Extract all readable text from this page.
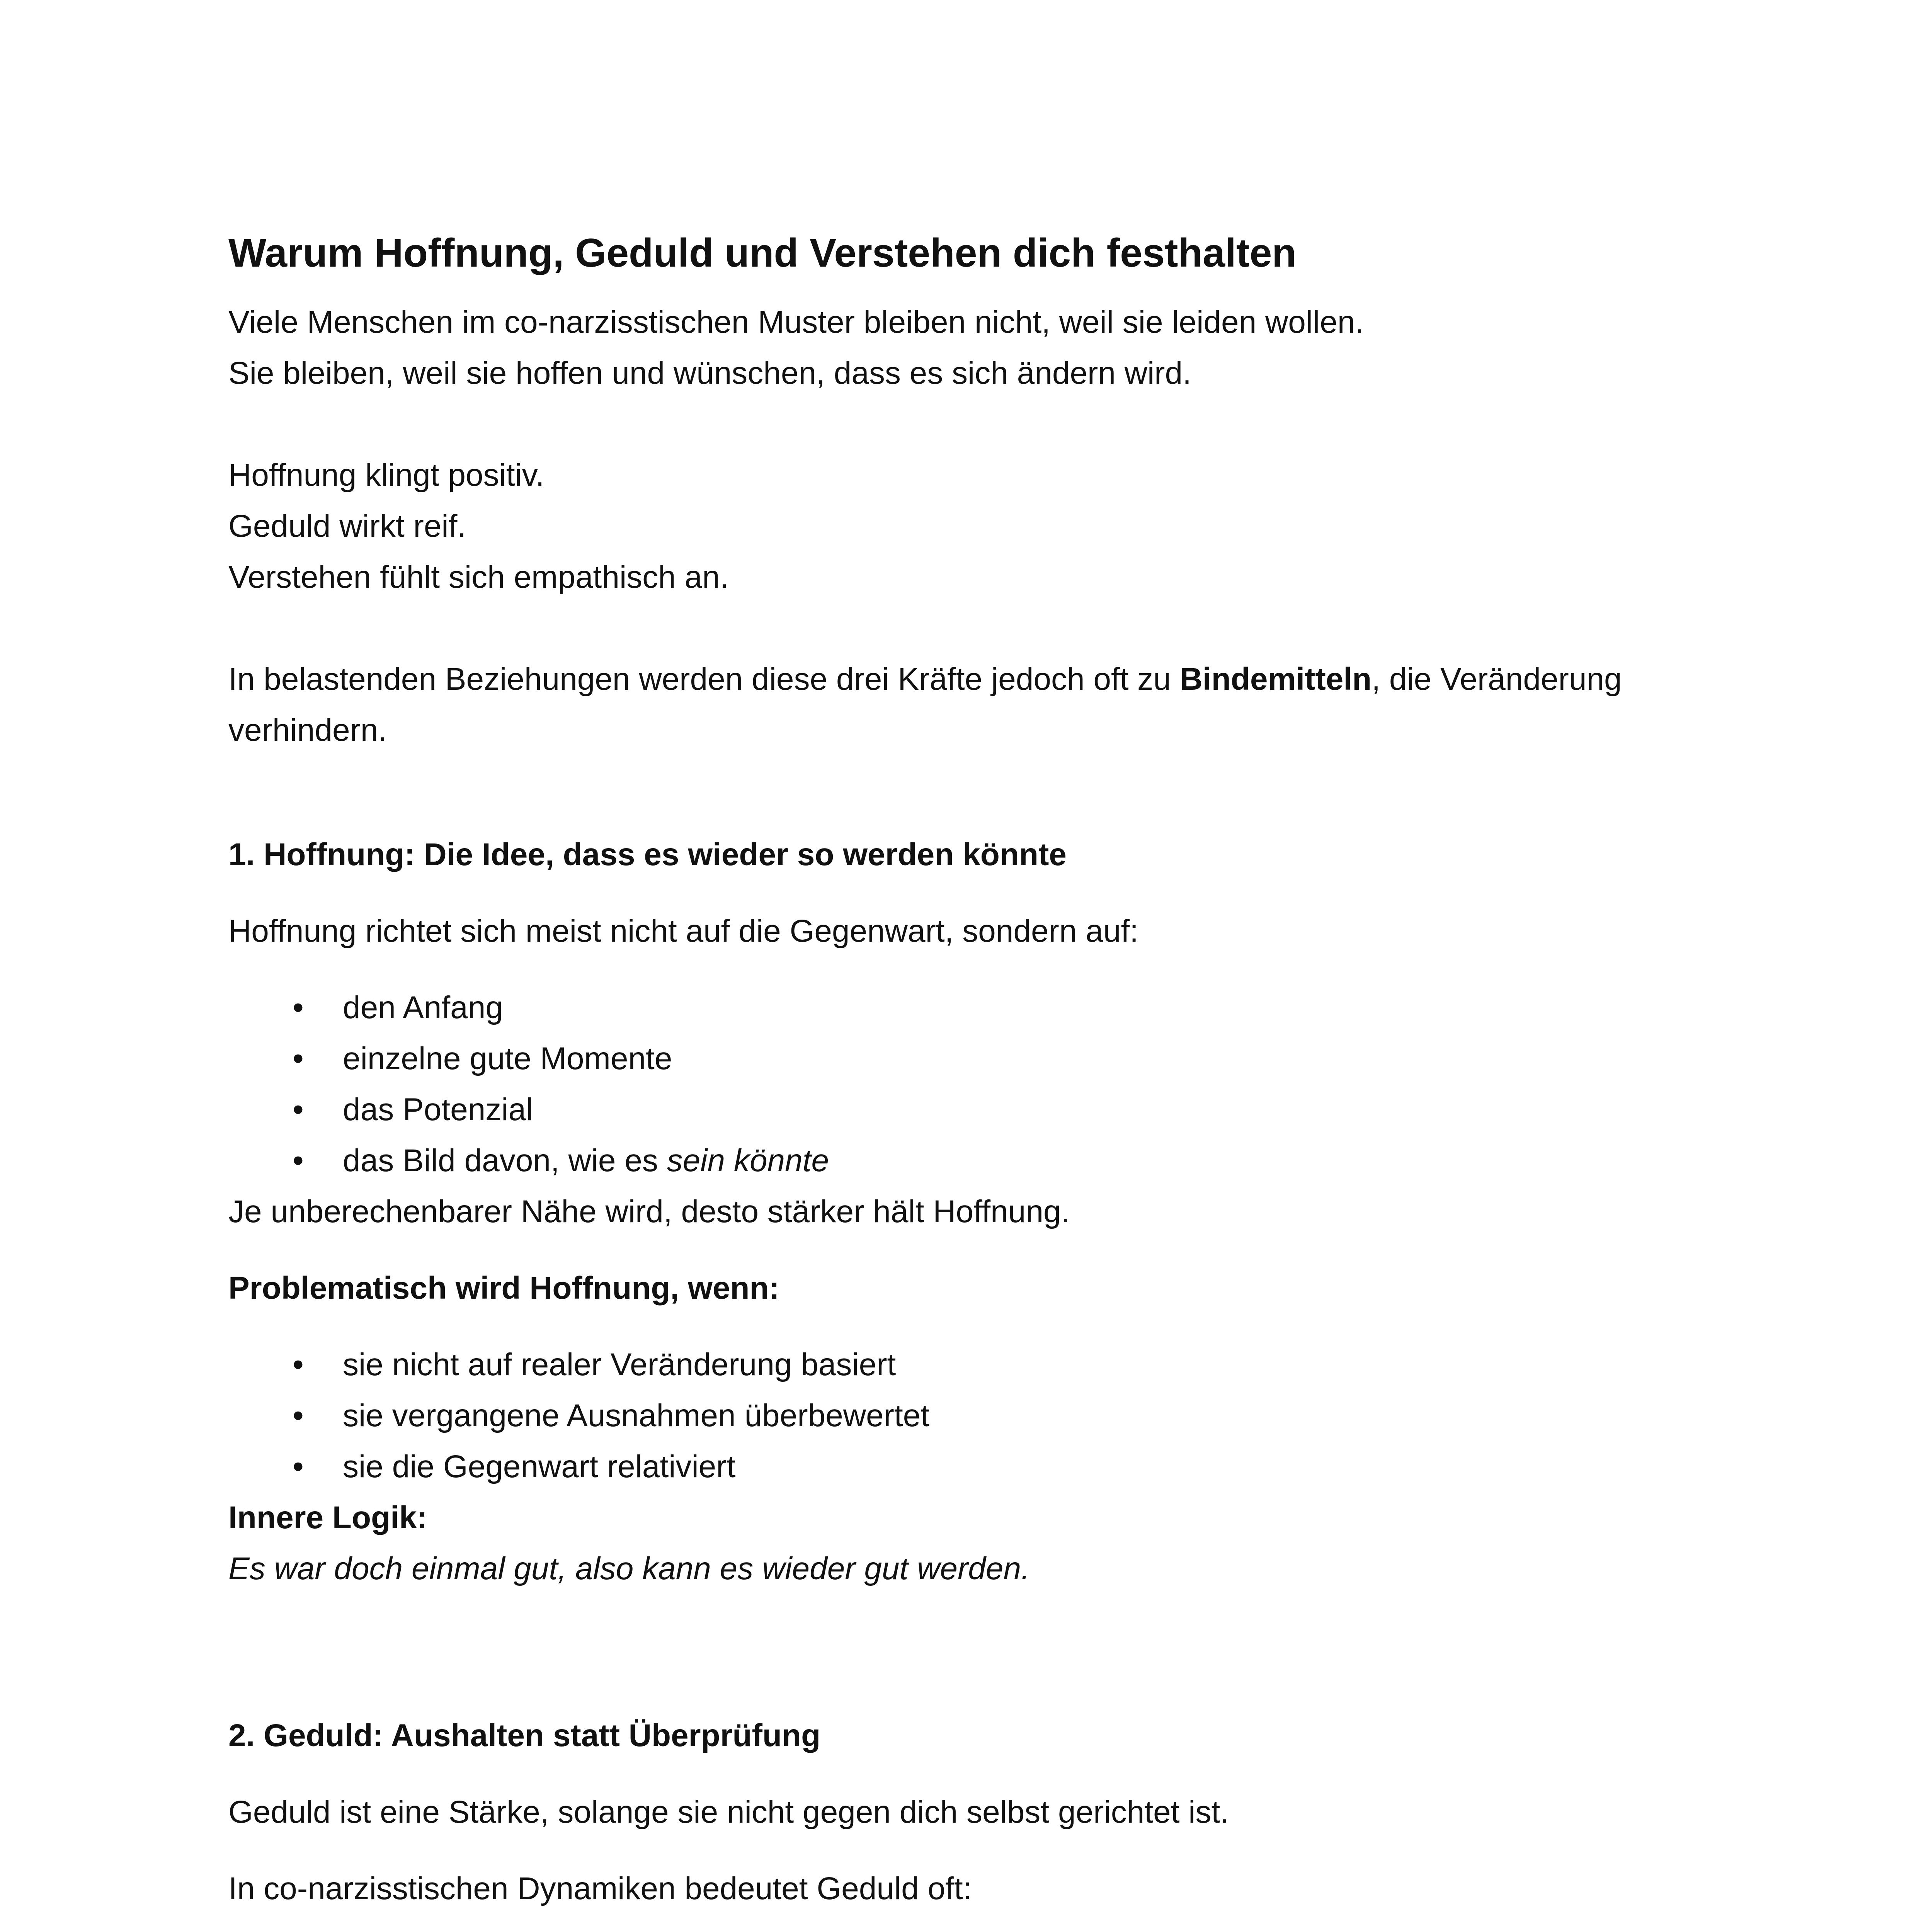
Warum Hoffnung, Geduld und Verstehen dich festhalten

Viele Menschen im co-narzisstischen Muster bleiben nicht, weil sie leiden wollen.

Sie bleiben, weil sie hoffen und wünschen, dass es sich ändern wird.

Hoffnung klingt positiv.

Geduld wirkt reif.

Verstehen fühlt sich empathisch an.

In belastenden Beziehungen werden diese drei Kräfte jedoch oft zu Bindemitteln, die Veränderung verhindern.

1. Hoffnung: Die Idee, dass es wieder so werden könnte

Hoffnung richtet sich meist nicht auf die Gegenwart, sondern auf:

•	den Anfang
•	einzelne gute Momente
•	das Potenzial
•	das Bild davon, wie es sein könnte

Je unberechenbarer Nähe wird, desto stärker hält Hoffnung.

Problematisch wird Hoffnung, wenn:

•	sie nicht auf realer Veränderung basiert
•	sie vergangene Ausnahmen überbewertet
•	sie die Gegenwart relativiert

Innere Logik:

Es war doch einmal gut, also kann es wieder gut werden.

2. Geduld: Aushalten statt Überprüfung

Geduld ist eine Stärke, solange sie nicht gegen dich selbst gerichtet ist.

In co-narzisstischen Dynamiken bedeutet Geduld oft:
